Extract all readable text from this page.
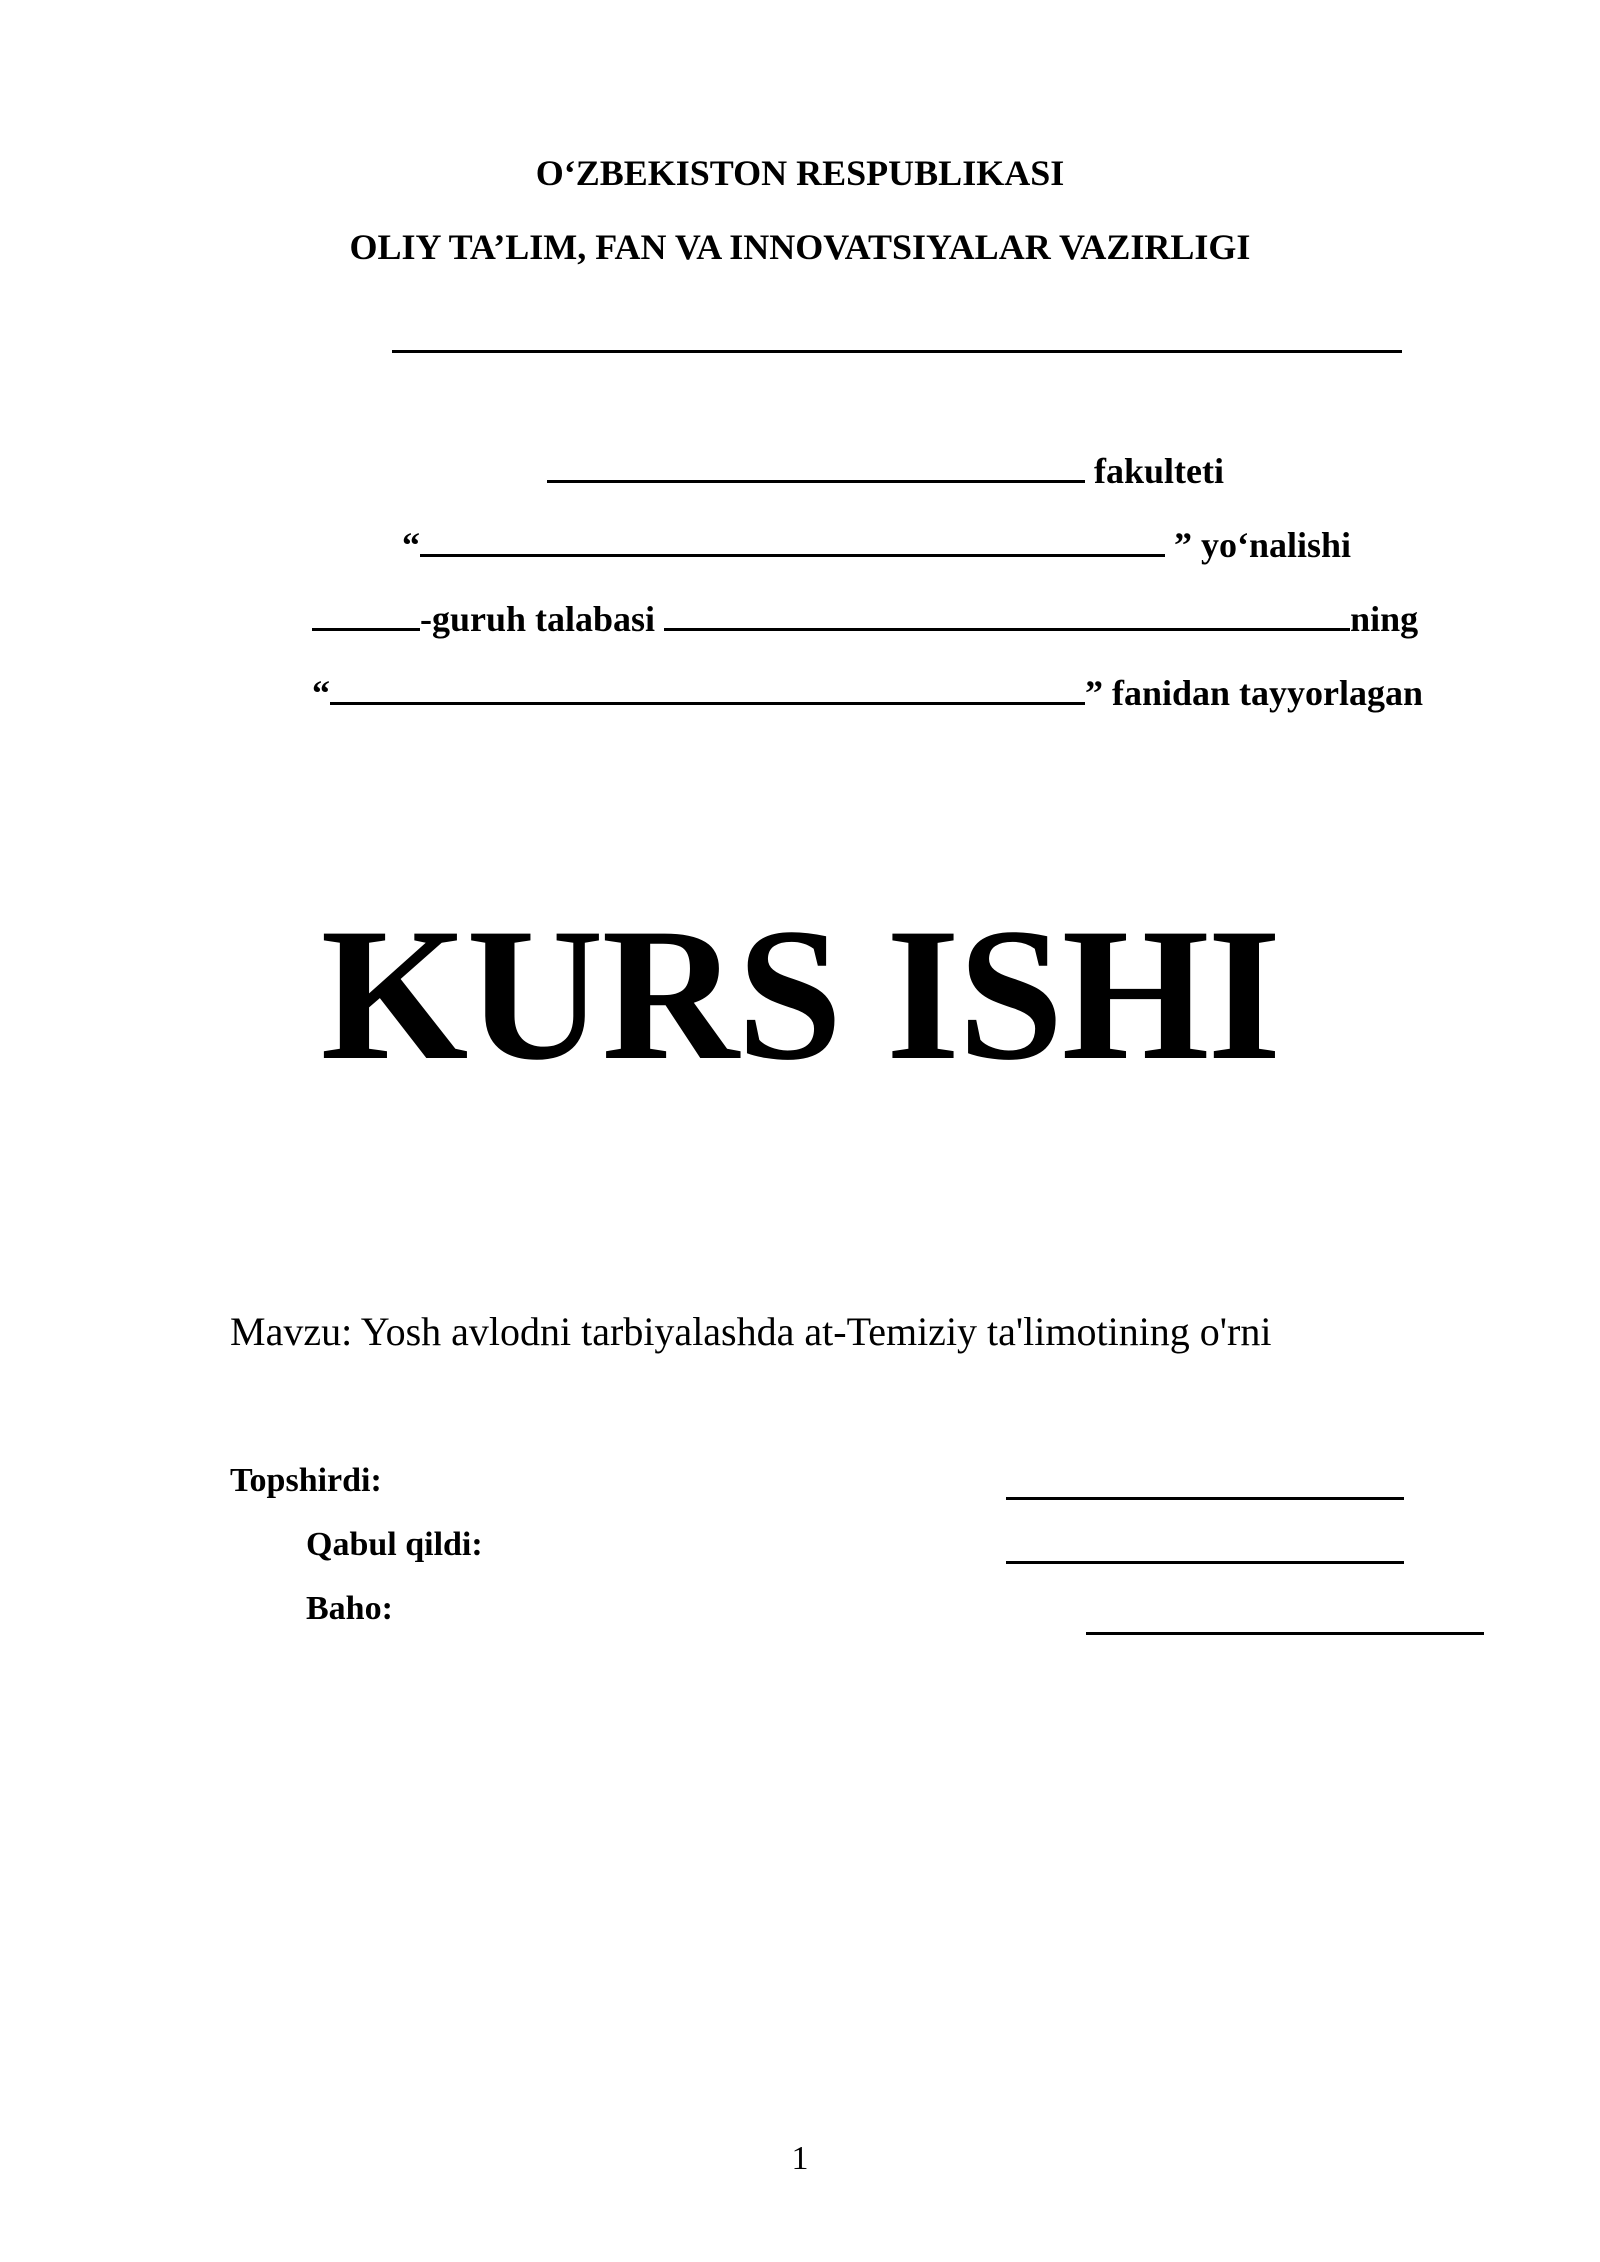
O‘ZBEKISTON RESPUBLIKASI
OLIY TA’LIM, FAN VA INNOVATSIYALAR VAZIRLIGI
fakulteti
“	” yo‘nalishi
-guruh talabasi	ning
“	” fanidan tayyorlagan
KURS ISHI
Mavzu: Yosh avlodni tarbiyalashda at-Temiziy ta'limotining o'rni
Topshirdi:
Qabul qildi:
Baho:
1
